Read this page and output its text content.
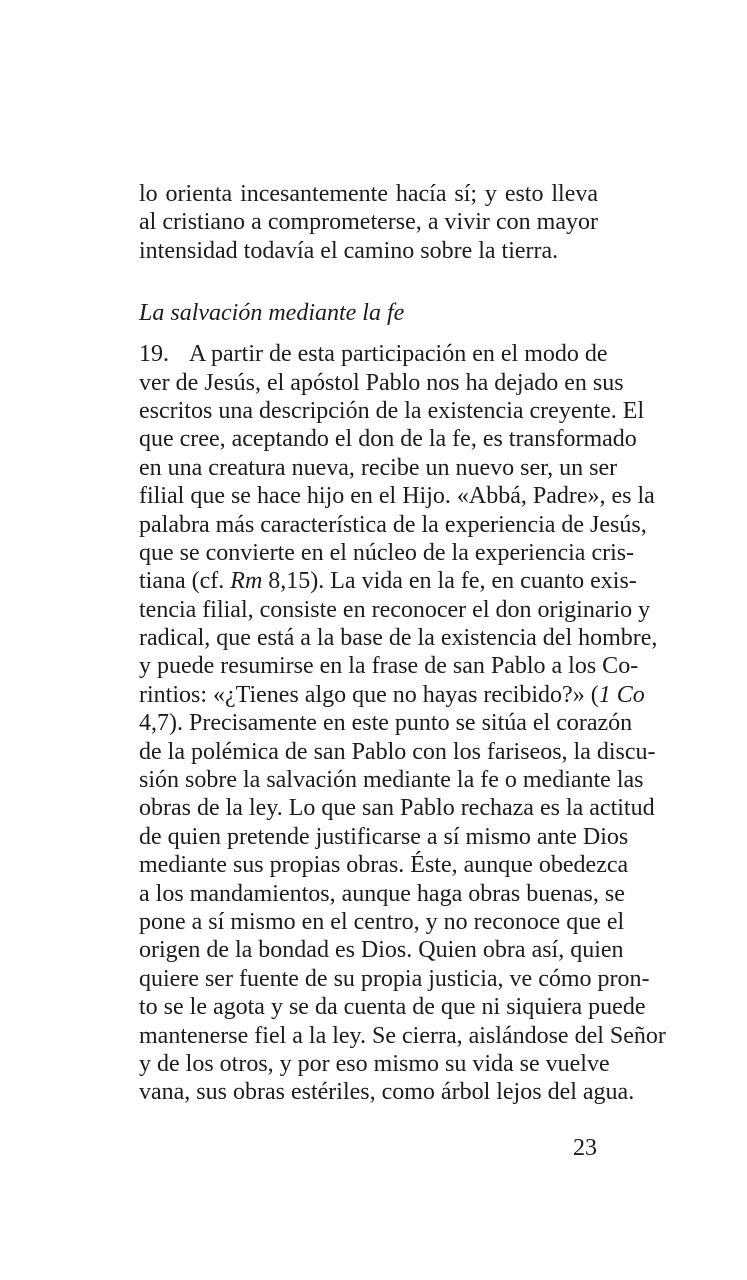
lo orienta incesantemente hacía sí; y esto lleva
al cristiano a comprometerse, a vivir con mayor
intensidad todavía el camino sobre la tierra.
La salvación mediante la fe
19. A partir de esta participación en el modo de
ver de Jesús, el apóstol Pablo nos ha dejado en sus
escritos una descripción de la existencia creyente. El
que cree, aceptando el don de la fe, es transformado
en una creatura nueva, recibe un nuevo ser, un ser
filial que se hace hijo en el Hijo. «Abbá, Padre», es la
palabra más característica de la experiencia de Jesús,
que se convierte en el núcleo de la experiencia cris-
tiana (cf. Rm 8,15). La vida en la fe, en cuanto exis-
tencia filial, consiste en reconocer el don originario y
radical, que está a la base de la existencia del hombre,
y puede resumirse en la frase de san Pablo a los Co-
rintios: «¿Tienes algo que no hayas recibido?» (1 Co
4,7). Precisamente en este punto se sitúa el corazón
de la polémica de san Pablo con los fariseos, la discu-
sión sobre la salvación mediante la fe o mediante las
obras de la ley. Lo que san Pablo rechaza es la actitud
de quien pretende justificarse a sí mismo ante Dios
mediante sus propias obras. Éste, aunque obedezca
a los mandamientos, aunque haga obras buenas, se
pone a sí mismo en el centro, y no reconoce que el
origen de la bondad es Dios. Quien obra así, quien
quiere ser fuente de su propia justicia, ve cómo pron-
to se le agota y se da cuenta de que ni siquiera puede
mantenerse fiel a la ley. Se cierra, aislándose del Señor
y de los otros, y por eso mismo su vida se vuelve
vana, sus obras estériles, como árbol lejos del agua.
23
